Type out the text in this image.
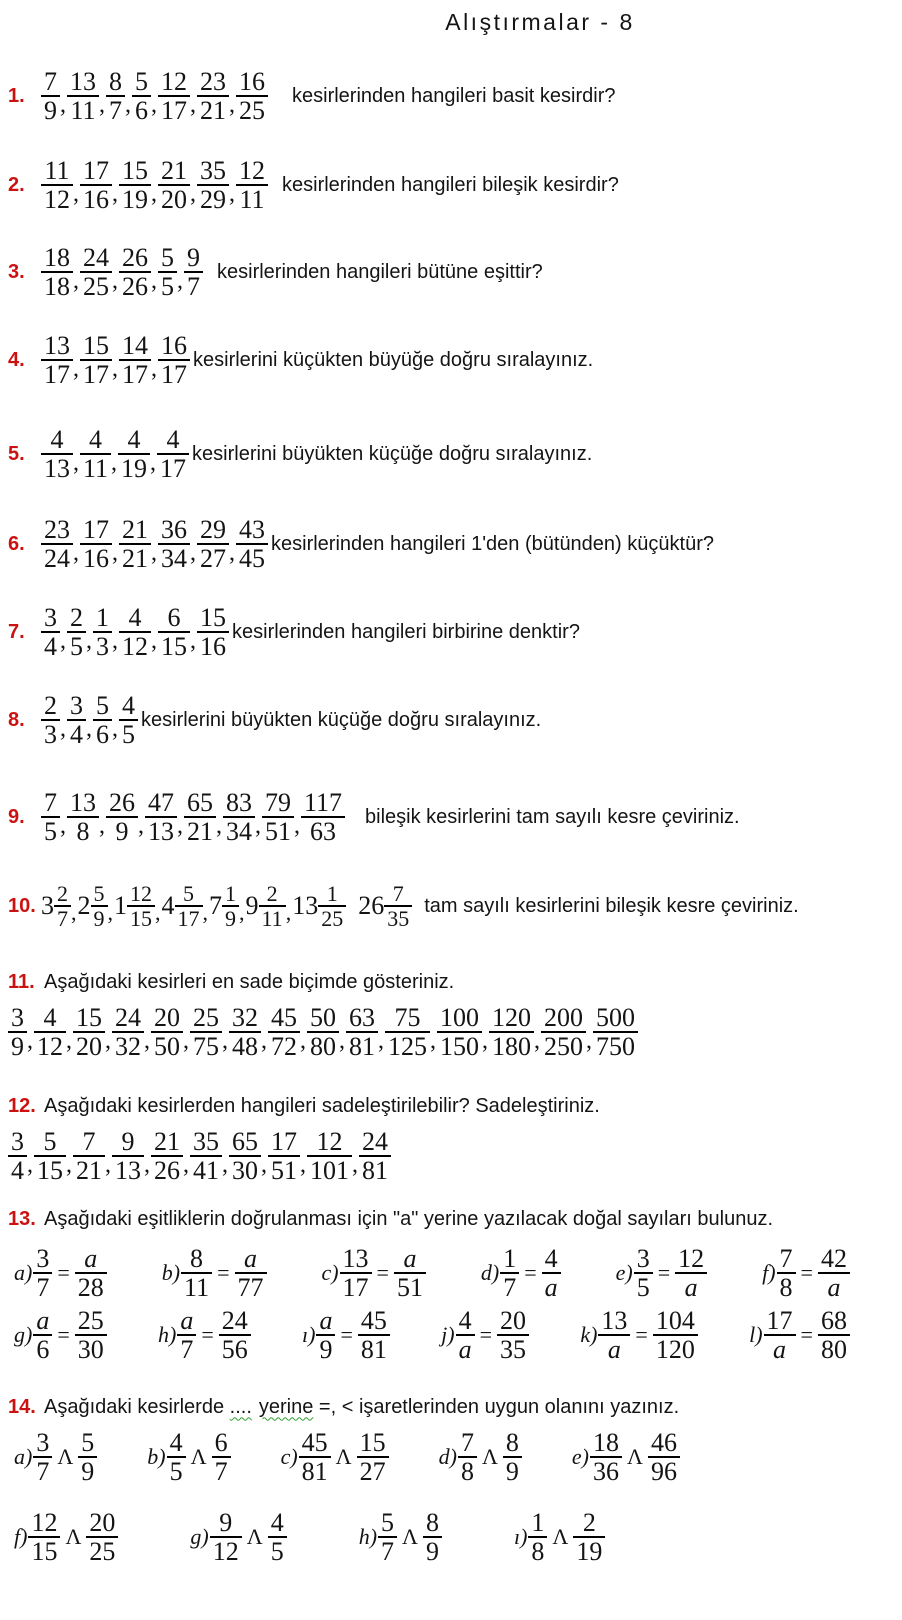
Alıştırmalar - 8
1. $\frac{7}{9}$ , $\frac{13}{11}$ , $\frac{8}{7}$ , $\frac{5}{6}$ , $\frac{12}{17}$ , $\frac{23}{21}$ , $\frac{16}{25}$ kesirlerinden hangileri basit kesirdir?
2. $\frac{11}{12}$ , $\frac{17}{16}$ , $\frac{15}{19}$ , $\frac{21}{20}$ , $\frac{35}{29}$ , $\frac{12}{11}$ kesirlerinden hangileri bileşik kesirdir?
3. $\frac{18}{18}$ , $\frac{24}{25}$ , $\frac{26}{26}$ , $\frac{5}{5}$ , $\frac{9}{7}$ kesirlerinden hangileri bütüne eşittir?
4. $\frac{13}{17}$ , $\frac{15}{17}$ , $\frac{14}{17}$ , $\frac{16}{17}$ kesirlerini küçükten büyüğe doğru sıralayınız.
5. $\frac{4}{13}$ , $\frac{4}{11}$ , $\frac{4}{19}$ , $\frac{4}{17}$ kesirlerini büyükten küçüğe doğru sıralayınız.
6. $\frac{23}{24}$ , $\frac{17}{16}$ , $\frac{21}{21}$ , $\frac{36}{34}$ , $\frac{29}{27}$ , $\frac{43}{45}$ kesirlerinden hangileri 1'den (bütünden) küçüktür?
7. $\frac{3}{4}$ , $\frac{2}{5}$ , $\frac{1}{3}$ , $\frac{4}{12}$ , $\frac{6}{15}$ , $\frac{15}{16}$ kesirlerinden hangileri birbirine denktir?
8. $\frac{2}{3}$ , $\frac{3}{4}$ , $\frac{5}{6}$ , $\frac{4}{5}$ kesirlerini büyükten küçüğe doğru sıralayınız.
9. $\frac{7}{5}$ , $\frac{13}{8}$ , $\frac{26}{9}$ , $\frac{47}{13}$ , $\frac{65}{21}$ , $\frac{83}{34}$ , $\frac{79}{51}$ , $\frac{117}{63}$ bileşik kesirlerini tam sayılı kesre çeviriniz.
10. $3 \frac{2}{7}$ , $2 \frac{5}{9}$ , $1 \frac{12}{15}$ , $4 \frac{5}{17}$ , $7 \frac{1}{9}$ , $9 \frac{2}{11}$ , $13 \frac{1}{25} 26 \frac{7}{35}$ tam sayılı kesirlerini bileşik kesre çeviriniz.
11. Aşağıdaki kesirleri en sade biçimde gösteriniz.
$\frac{3}{9}$ , $\frac{4}{12}$ , $\frac{15}{20}$ , $\frac{24}{32}$ , $\frac{20}{50}$ , $\frac{25}{75}$ , $\frac{32}{48}$ , $\frac{45}{72}$ , $\frac{50}{80}$ , $\frac{63}{81}$ , $\frac{75}{125}$ , $\frac{100}{150}$ , $\frac{120}{180}$ , $\frac{200}{250}$ , $\frac{500}{750}$
12. Aşağıdaki kesirlerden hangileri sadeleştirilebilir? Sadeleştiriniz.
$\frac{3}{4}$ , $\frac{5}{15}$ , $\frac{7}{21}$ , $\frac{9}{13}$ , $\frac{21}{26}$ , $\frac{35}{41}$ , $\frac{65}{30}$ , $\frac{17}{51}$ , $\frac{12}{101}$ , $\frac{24}{81}$
13. Aşağıdaki eşitliklerin doğrulanması için "a" yerine yazılacak doğal sayıları bulunuz.
$a) \frac{3}{7} = \frac{a}{28} b) \frac{8}{11} = \frac{a}{77} c) \frac{13}{17} = \frac{a}{51} d) \frac{1}{7} = \frac{4}{a} e) \frac{3}{5} = \frac{12}{a} f) \frac{7}{8} = \frac{42}{a}$
$g) \frac{a}{6} = \frac{25}{30} h) \frac{a}{7} = \frac{24}{56}$ ı) $\frac{a}{9} = \frac{45}{81} j) \frac{4}{a} = \frac{20}{35} k) \frac{13}{a} = \frac{104}{120} l) \frac{17}{a} = \frac{68}{80}$
14. Aşağıdaki kesirlerde .... yerine =, < işaretlerinden uygun olanını yazınız.
$a) \frac{3}{7}$ Λ $\frac{5}{9} b) \frac{4}{5}$ Λ $\frac{6}{7} c) \frac{45}{81}$ Λ $\frac{15}{27} d) \frac{7}{8}$ Λ $\frac{8}{9} e) \frac{18}{36}$ Λ $\frac{46}{96}$
$f) \frac{12}{15}$ Λ $\frac{20}{25}$	$g) \frac{9}{12}$ Λ $\frac{4}{5}$	$h) \frac{5}{7}$ Λ $\frac{8}{9}$	ı) $\frac{1}{8}$ Λ $\frac{2}{19}$
